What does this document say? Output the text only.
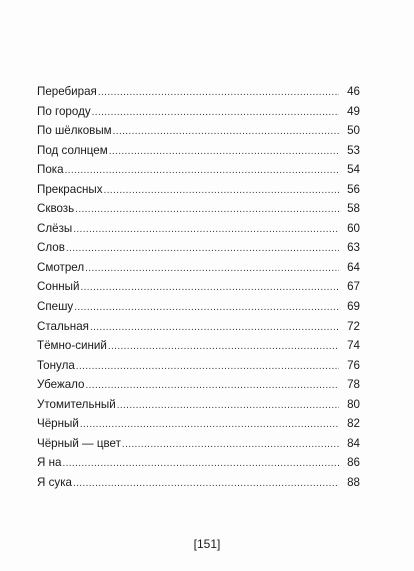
Перебирая . . .	46
По городу . . .	49
По шёлковым . . .	50
Под солнцем . . .	53
Пока . . .	54
Прекрасных . . .	56
Сквозь . . .	58
Слёзы . . .	60
Слов . . .	63
Смотрел . . .	64
Сонный . . .	67
Спешу . . .	69
Стальная . . .	72
Тёмно-синий . . .	74
Тонула . . .	76
Убежало . . .	78
Утомительный . . .	80
Чёрный . . .	82
Чёрный — цвет . . .	84
Я на . . .	86
Я сука . . .	88
[151]
